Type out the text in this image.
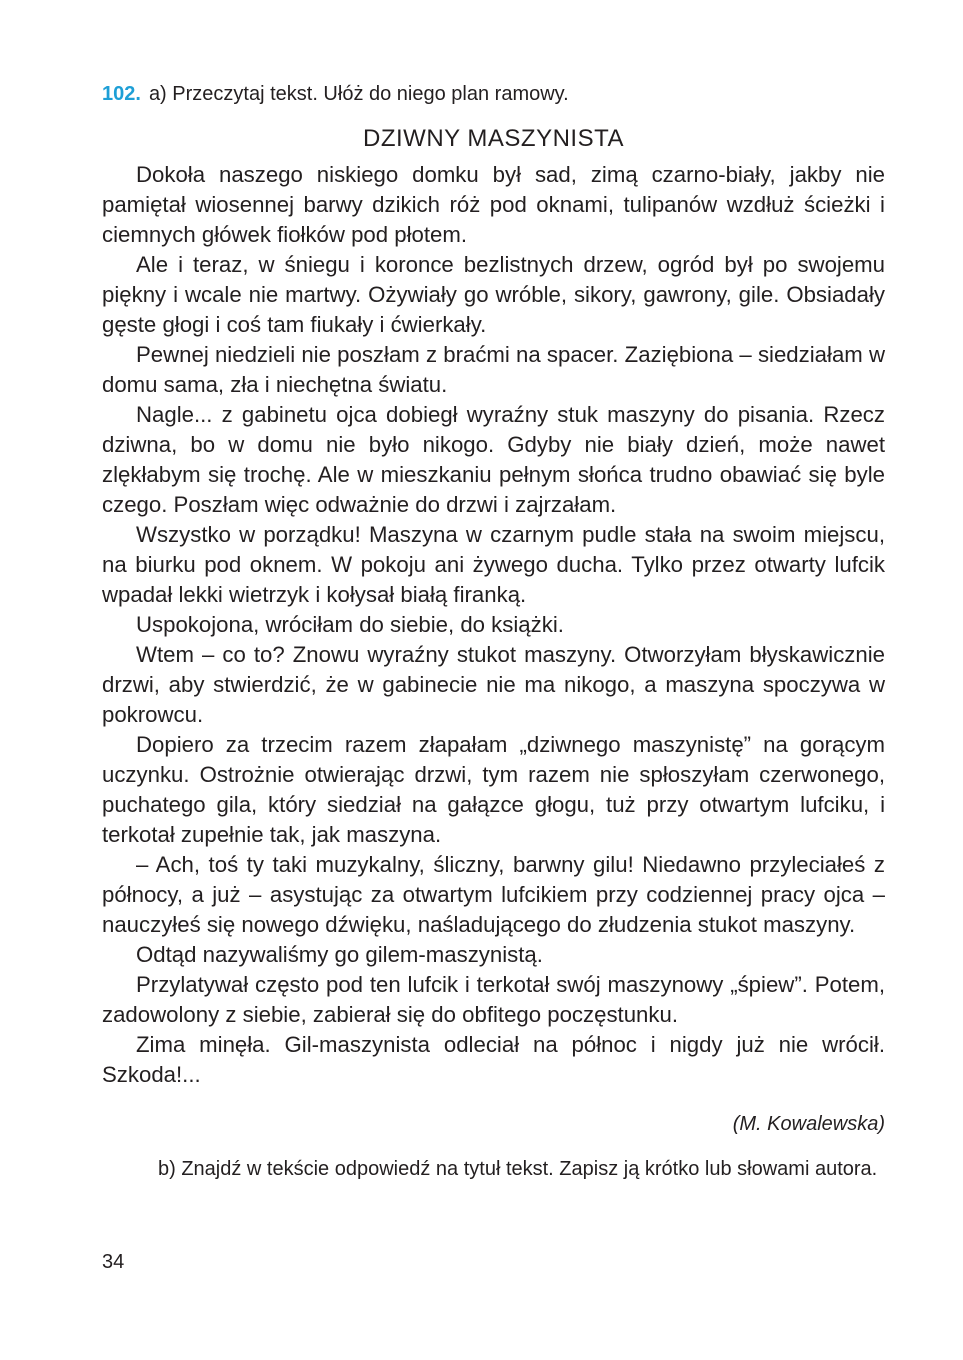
102. a) Przeczytaj tekst. Ułóż do niego plan ramowy.
DZIWNY MASZYNISTA

Dokoła naszego niskiego domku był sad, zimą czarno-biały, jakby nie pamiętał wiosennej barwy dzikich róż pod oknami, tulipanów wzdłuż ścieżki i ciemnych główek fiołków pod płotem.

Ale i teraz, w śniegu i koronce bezlistnych drzew, ogród był po swojemu piękny i wcale nie martwy. Ożywiały go wróble, sikory, gawrony, gile. Obsiadały gęste głogi i coś tam fiukały i ćwierkały.

Pewnej niedzieli nie poszłam z braćmi na spacer. Zaziębiona – siedziałam w domu sama, zła i niechętna światu.

Nagle... z gabinetu ojca dobiegł wyraźny stuk maszyny do pisania. Rzecz dziwna, bo w domu nie było nikogo. Gdyby nie biały dzień, może nawet zlękłabym się trochę. Ale w mieszkaniu pełnym słońca trudno obawiać się byle czego. Poszłam więc odważnie do drzwi i zajrzałam.

Wszystko w porządku! Maszyna w czarnym pudle stała na swoim miejscu, na biurku pod oknem. W pokoju ani żywego ducha. Tylko przez otwarty lufcik wpadał lekki wietrzyk i kołysał białą firanką.

Uspokojona, wróciłam do siebie, do książki.

Wtem – co to? Znowu wyraźny stukot maszyny. Otworzyłam błyskawicznie drzwi, aby stwierdzić, że w gabinecie nie ma nikogo, a maszyna spoczywa w pokrowcu.

Dopiero za trzecim razem złapałam „dziwnego maszynistę” na gorącym uczynku. Ostrożnie otwierając drzwi, tym razem nie spłoszyłam czerwonego, puchatego gila, który siedział na gałązce głogu, tuż przy otwartym lufciku, i terkotał zupełnie tak, jak maszyna.

– Ach, toś ty taki muzykalny, śliczny, barwny gilu! Niedawno przyleciałeś z północy, a już – asystując za otwartym lufcikiem przy codziennej pracy ojca – nauczyłeś się nowego dźwięku, naśladującego do złudzenia stukot maszyny.

Odtąd nazywaliśmy go gilem-maszynistą.

Przylatywał często pod ten lufcik i terkotał swój maszynowy „śpiew”. Potem, zadowolony z siebie, zabierał się do obfitego poczęstunku.

Zima minęła. Gil-maszynista odleciał na północ i nigdy już nie wrócił. Szkoda!...

(M. Kowalewska)
b) Znajdź w tekście odpowiedź na tytuł tekst. Zapisz ją krótko lub słowami autora.
34
